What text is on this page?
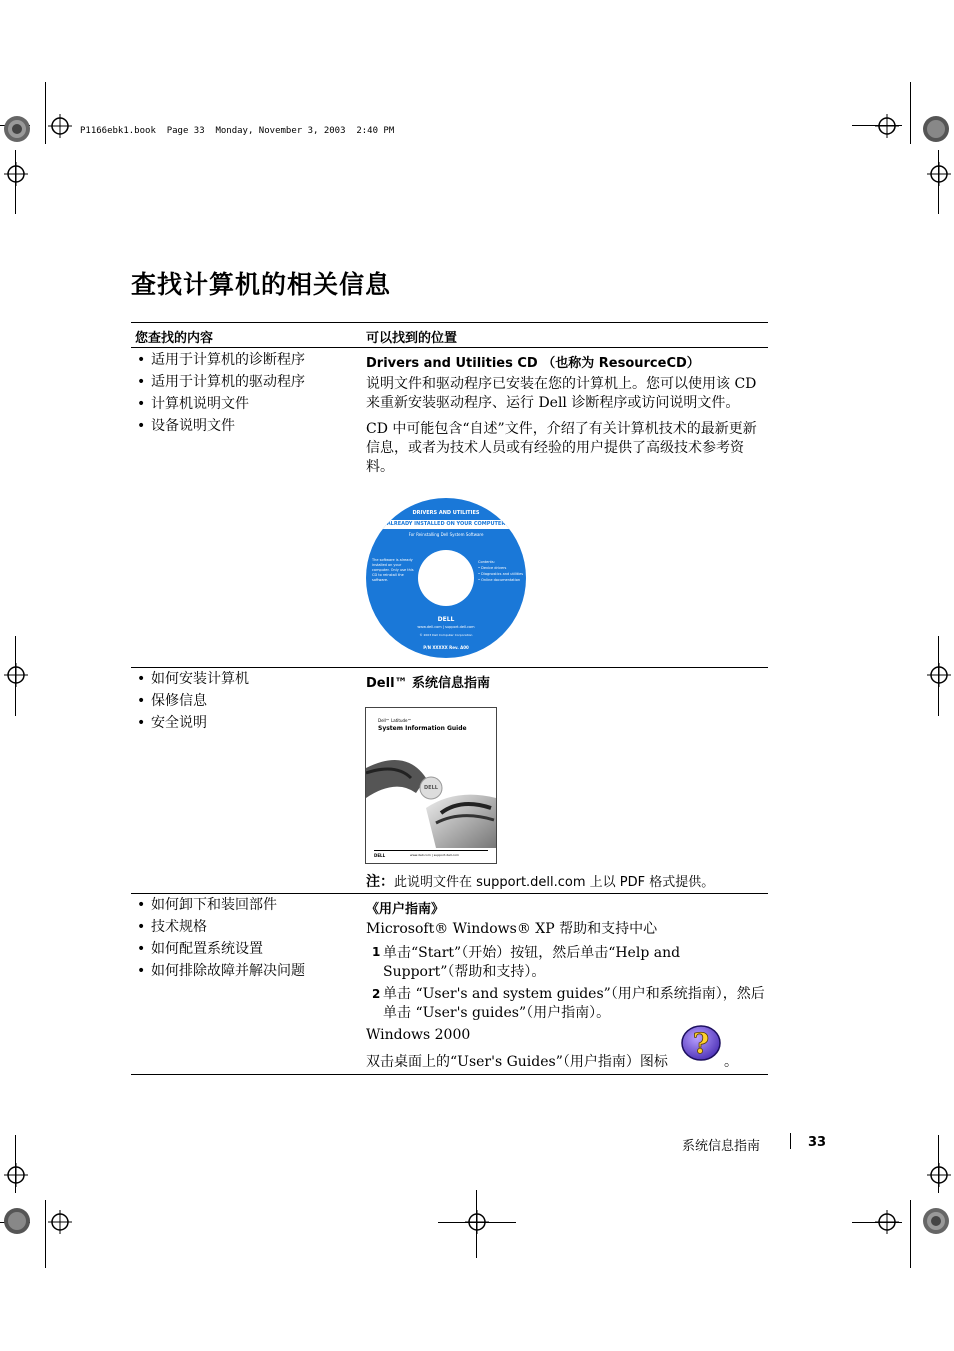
P1166ebk1.book  Page 33  Monday, November 3, 2003  2:40 PM
查找计算机的相关信息
您查找的内容	可以找到的位置
• 适用于计算机的诊断程序
• 适用于计算机的驱动程序
• 计算机说明文件
• 设备说明文件
Drivers and Utilities CD （也称为 ResourceCD）
说明文件和驱动程序已安装在您的计算机上。您可以使用该 CD 来重新安装驱动程序、运行 Dell 诊断程序或访问说明文件。
CD 中可能包含“自述”文件，介绍了有关计算机技术的最新更新信息，或者为技术人员或有经验的用户提供了高级技术参考资料。
DRIVERS AND UTILITIES
ALREADY INSTALLED ON YOUR COMPUTER
For Reinstalling Dell System Software
The software is already installed on your computer. Only use this CD to reinstall the software.
Contents:
• Device drivers
• Diagnostics and utilities
• Online documentation
DELL
www.dell.com | support.dell.com
© 2003 Dell Computer Corporation
P/N XXXXX Rev. A00
• 如何安装计算机
• 保修信息
• 安全说明
Dell™ 系统信息指南
Dell™ Latitude™
System Information Guide
DELL
DELL	www.dell.com | support.dell.com
注：此说明文件在 support.dell.com 上以 PDF 格式提供。
• 如何卸下和装回部件
• 技术规格
• 如何配置系统设置
• 如何排除故障并解决问题
《用户指南》
Microsoft® Windows® XP 帮助和支持中心
1 单击“Start”（开始）按钮，然后单击“Help and Support”（帮助和支持）。
2 单击 “User's and system guides”（用户和系统指南），然后单击 “User's guides”（用户指南）。
Windows 2000
双击桌面上的“User's Guides”（用户指南）图标
?
。
系统信息指南	33
